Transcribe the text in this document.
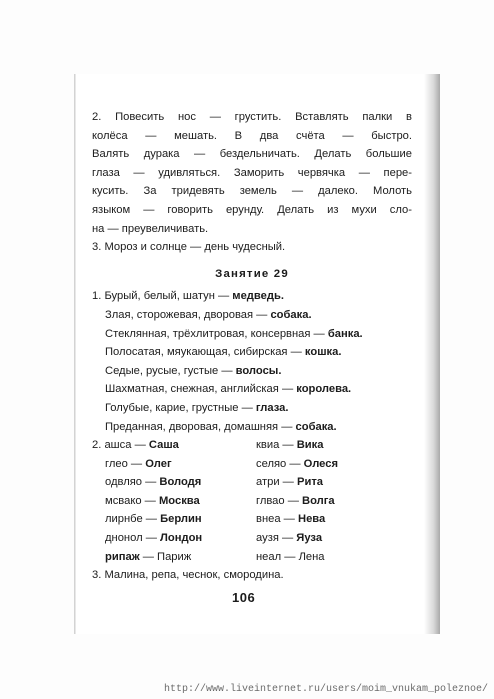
2. Повесить нос — грустить. Вставлять палки в
колёса — мешать. В два счёта — быстро.
Валять дурака — бездельничать. Делать большие
глаза — удивляться. Заморить червячка — пере-
кусить. За тридевять земель — далеко. Молоть
языком — говорить ерунду. Делать из мухи сло-
на — преувеличивать.
3. Мороз и солнце — день чудесный.
Занятие 29
1. Бурый, белый, шатун — медведь.
Злая, сторожевая, дворовая — собака.
Стеклянная, трёхлитровая, консервная — банка.
Полосатая, мяукающая, сибирская — кошка.
Седые, русые, густые — волосы.
Шахматная, снежная, английская — королева.
Голубые, карие, грустные — глаза.
Преданная, дворовая, домашняя — собака.
2. ашса — Саша	квиа — Вика
глео — Олег	селяо — Олеся
одвляо — Володя	атри — Рита
мсвако — Москва	глвао — Волга
лирнбе — Берлин	внеа — Нева
днонол — Лондон	аузя — Яуза
рипаж — Париж	неал — Лена
3. Малина, репа, чеснок, смородина.
106
http://www.liveinternet.ru/users/moim_vnukam_poleznoe/
